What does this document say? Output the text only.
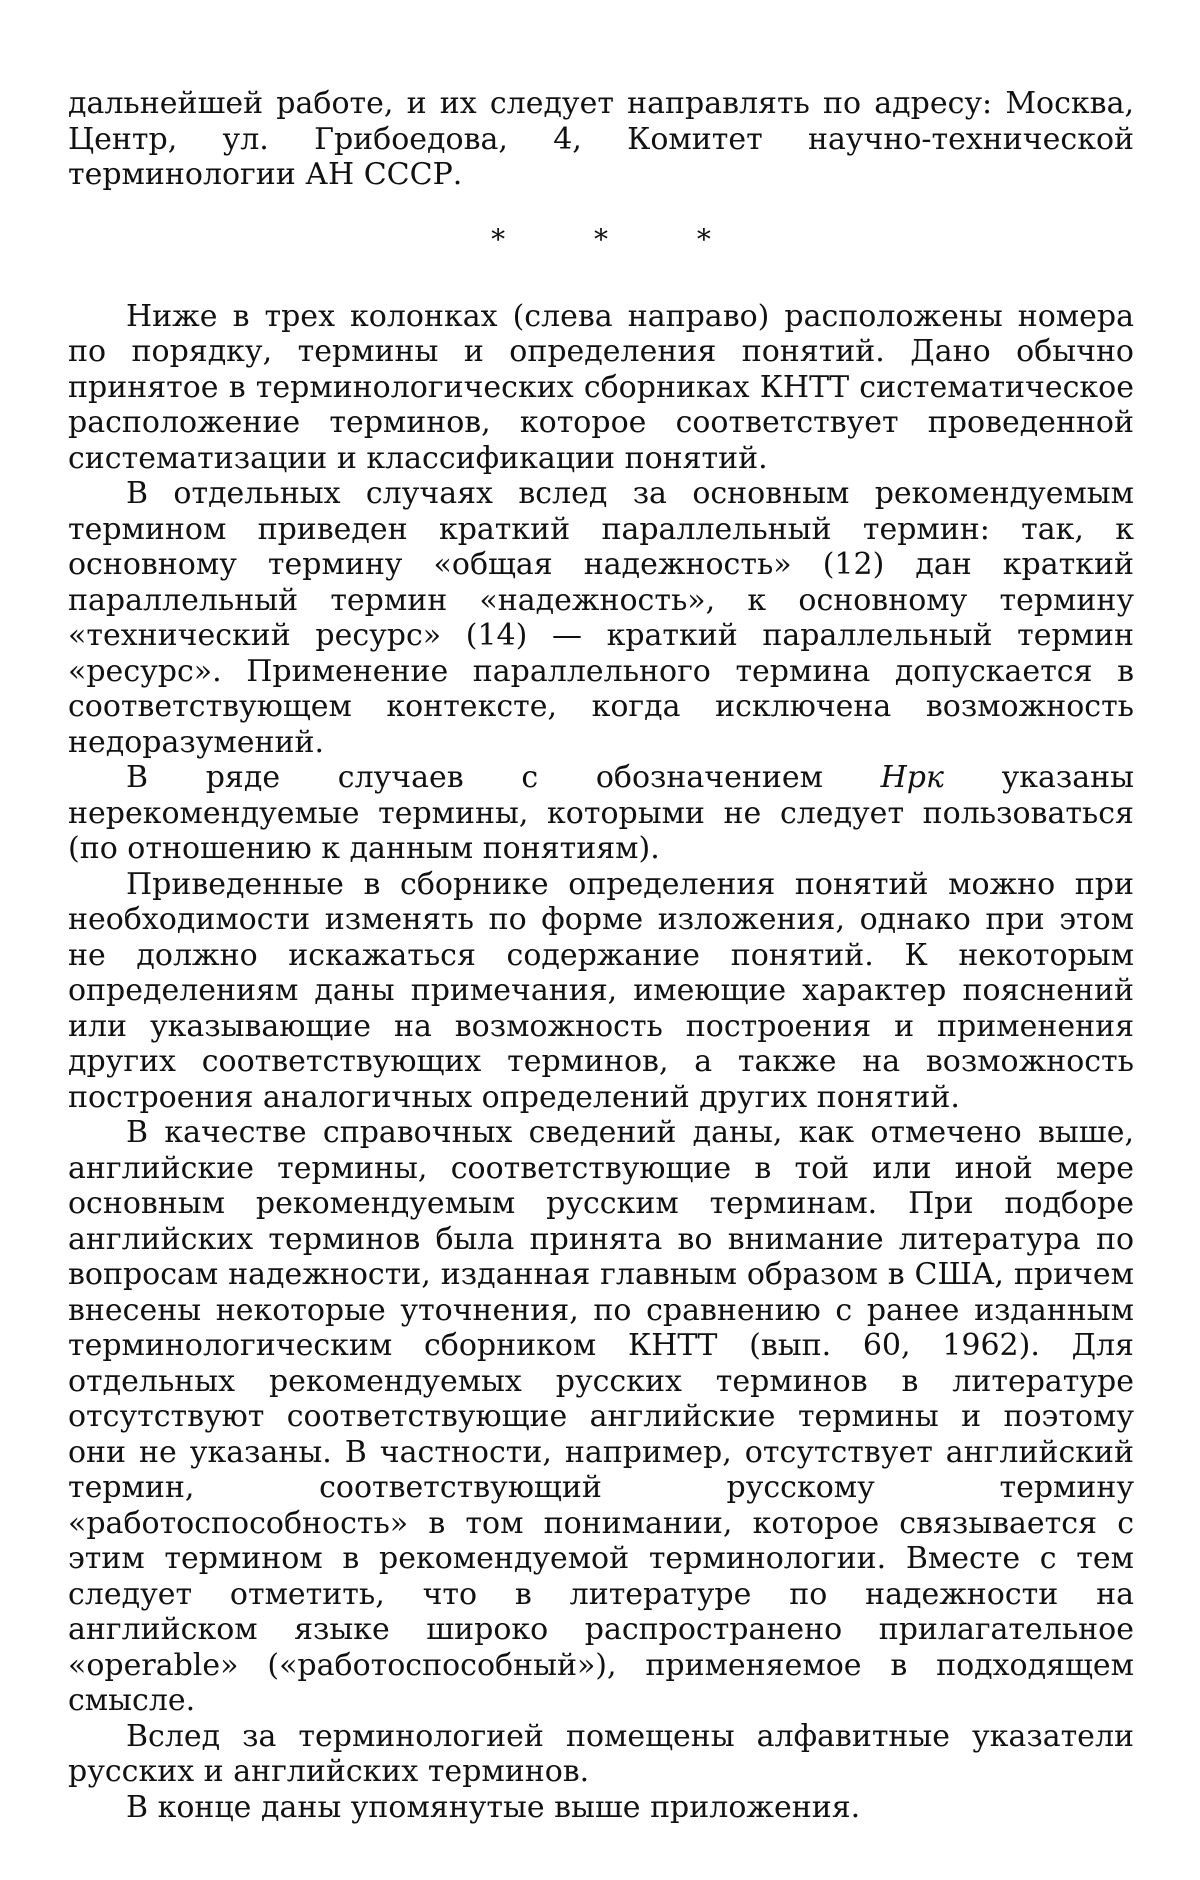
дальнейшей работе, и их следует направлять по адресу: Москва, Центр, ул. Грибоедова, 4, Комитет научно-технической терминологии АН СССР.

* * *

Ниже в трех колонках (слева направо) расположены номера по порядку, термины и определения понятий. Дано обычно принятое в терминологических сборниках КНТТ систематическое расположение терминов, которое соответствует проведенной систематизации и классификации понятий.

В отдельных случаях вслед за основным рекомендуемым термином приведен краткий параллельный термин: так, к основному термину «общая надежность» (12) дан краткий параллельный термин «надежность», к основному термину «технический ресурс» (14) — краткий параллельный термин «ресурс». Применение параллельного термина допускается в соответствующем контексте, когда исключена возможность недоразумений.

В ряде случаев с обозначением Нрк указаны нерекомендуемые термины, которыми не следует пользоваться (по отношению к данным понятиям).

Приведенные в сборнике определения понятий можно при необходимости изменять по форме изложения, однако при этом не должно искажаться содержание понятий. К некоторым определениям даны примечания, имеющие характер пояснений или указывающие на возможность построения и применения других соответствующих терминов, а также на возможность построения аналогичных определений других понятий.

В качестве справочных сведений даны, как отмечено выше, английские термины, соответствующие в той или иной мере основным рекомендуемым русским терминам. При подборе английских терминов была принята во внимание литература по вопросам надежности, изданная главным образом в США, причем внесены некоторые уточнения, по сравнению с ранее изданным терминологическим сборником КНТТ (вып. 60, 1962). Для отдельных рекомендуемых русских терминов в литературе отсутствуют соответствующие английские термины и поэтому они не указаны. В частности, например, отсутствует английский термин, соответствующий русскому термину «работоспособность» в том понимании, которое связывается с этим термином в рекомендуемой терминологии. Вместе с тем следует отметить, что в литературе по надежности на английском языке широко распространено прилагательное «operable» («работоспособный»), применяемое в подходящем смысле.

Вслед за терминологией помещены алфавитные указатели русских и английских терминов.

В конце даны упомянутые выше приложения.
